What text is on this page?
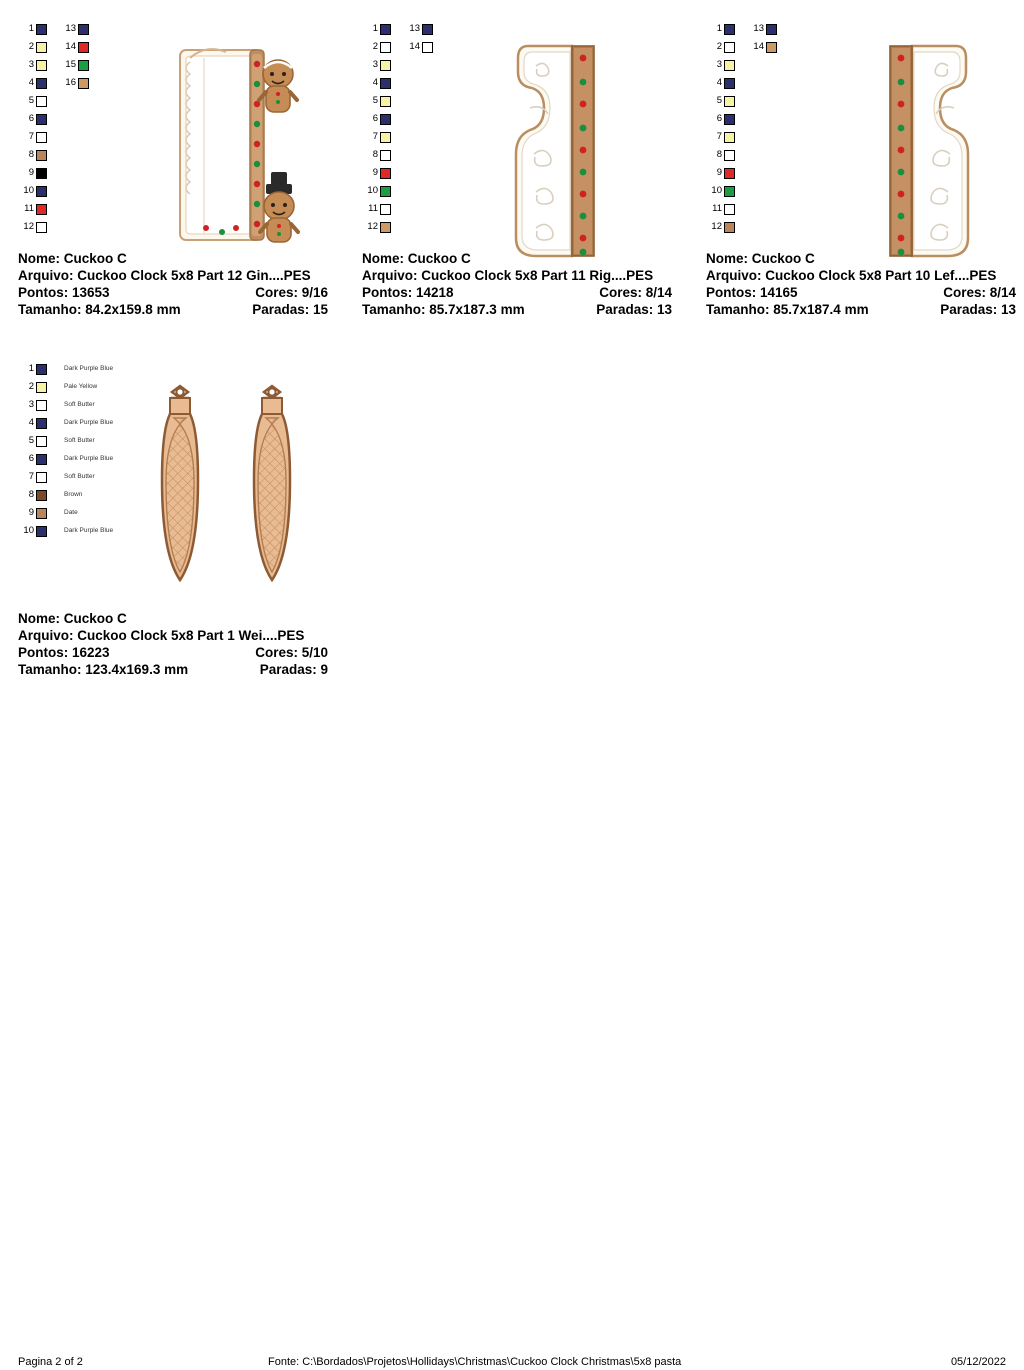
1	13
2	14
3	15
4	16
5
6
7
8
9
10
11
12
Nome: Cuckoo C
Arquivo: Cuckoo Clock 5x8 Part 12 Gin....PES
Pontos: 13653	Cores: 9/16
Tamanho: 84.2x159.8 mm	Paradas: 15
1	13
2	14
3
4
5
6
7
8
9
10
11
12
Nome: Cuckoo C
Arquivo: Cuckoo Clock 5x8 Part 11 Rig....PES
Pontos: 14218	Cores: 8/14
Tamanho: 85.7x187.3 mm	Paradas: 13
1	13
2	14
3
4
5
6
7
8
9
10
11
12
Nome: Cuckoo C
Arquivo: Cuckoo Clock 5x8 Part 10 Lef....PES
Pontos: 14165	Cores: 8/14
Tamanho: 85.7x187.4 mm	Paradas: 13
1	Dark Purple Blue
2	Pale Yellow
3	Soft Butter
4	Dark Purple Blue
5	Soft Butter
6	Dark Purple Blue
7	Soft Butter
8	Brown
9	Date
10	Dark Purple Blue
Nome: Cuckoo C
Arquivo: Cuckoo Clock 5x8 Part 1 Wei....PES
Pontos: 16223	Cores: 5/10
Tamanho: 123.4x169.3 mm	Paradas: 9
Pagina 2 of 2	Fonte: C:\Bordados\Projetos\Hollidays\Christmas\Cuckoo Clock Christmas\5x8 pasta	05/12/2022
